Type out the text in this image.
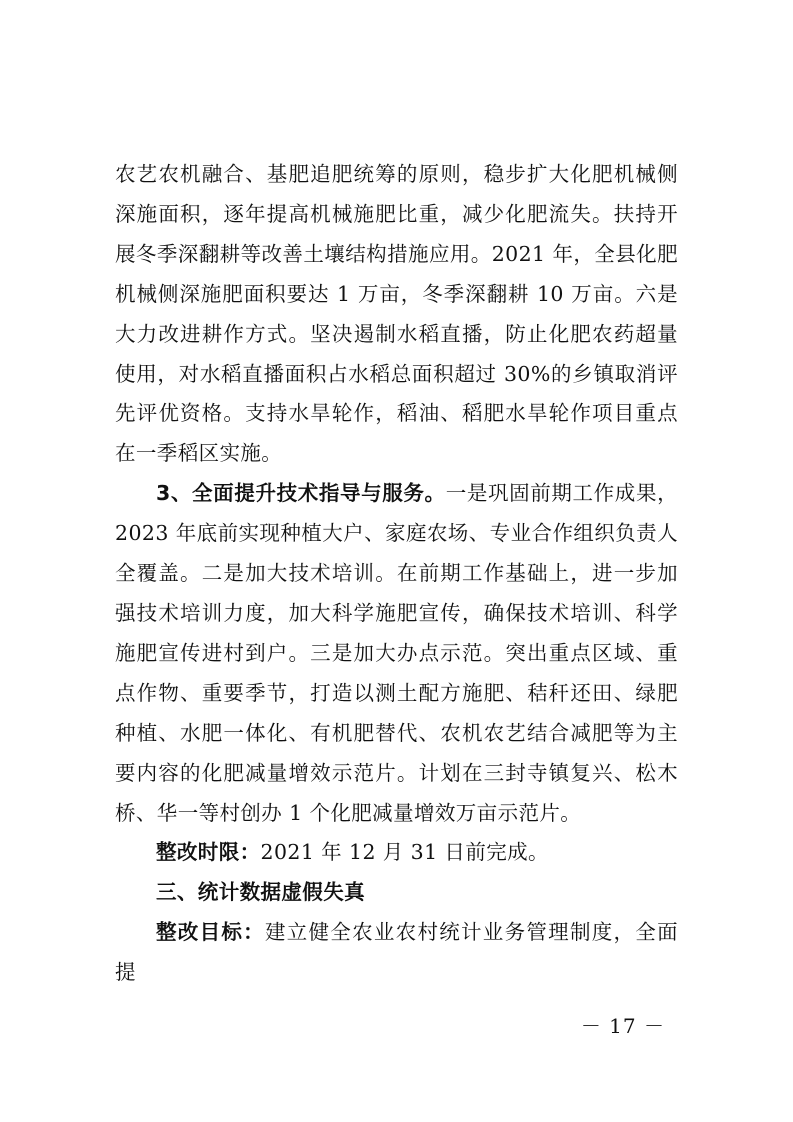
农艺农机融合、基肥追肥统筹的原则，稳步扩大化肥机械侧深施面积，逐年提高机械施肥比重，减少化肥流失。扶持开展冬季深翻耕等改善土壤结构措施应用。2021 年，全县化肥机械侧深施肥面积要达 1 万亩，冬季深翻耕 10 万亩。六是大力改进耕作方式。坚决遏制水稻直播，防止化肥农药超量使用，对水稻直播面积占水稻总面积超过 30%的乡镇取消评先评优资格。支持水旱轮作，稻油、稻肥水旱轮作项目重点在一季稻区实施。

3、全面提升技术指导与服务。一是巩固前期工作成果，2023 年底前实现种植大户、家庭农场、专业合作组织负责人全覆盖。二是加大技术培训。在前期工作基础上，进一步加强技术培训力度，加大科学施肥宣传，确保技术培训、科学施肥宣传进村到户。三是加大办点示范。突出重点区域、重点作物、重要季节，打造以测土配方施肥、秸秆还田、绿肥种植、水肥一体化、有机肥替代、农机农艺结合减肥等为主要内容的化肥减量增效示范片。计划在三封寺镇复兴、松木桥、华一等村创办 1 个化肥减量增效万亩示范片。

整改时限：2021 年 12 月 31 日前完成。

三、统计数据虚假失真

整改目标：建立健全农业农村统计业务管理制度，全面提

－ 17 －
